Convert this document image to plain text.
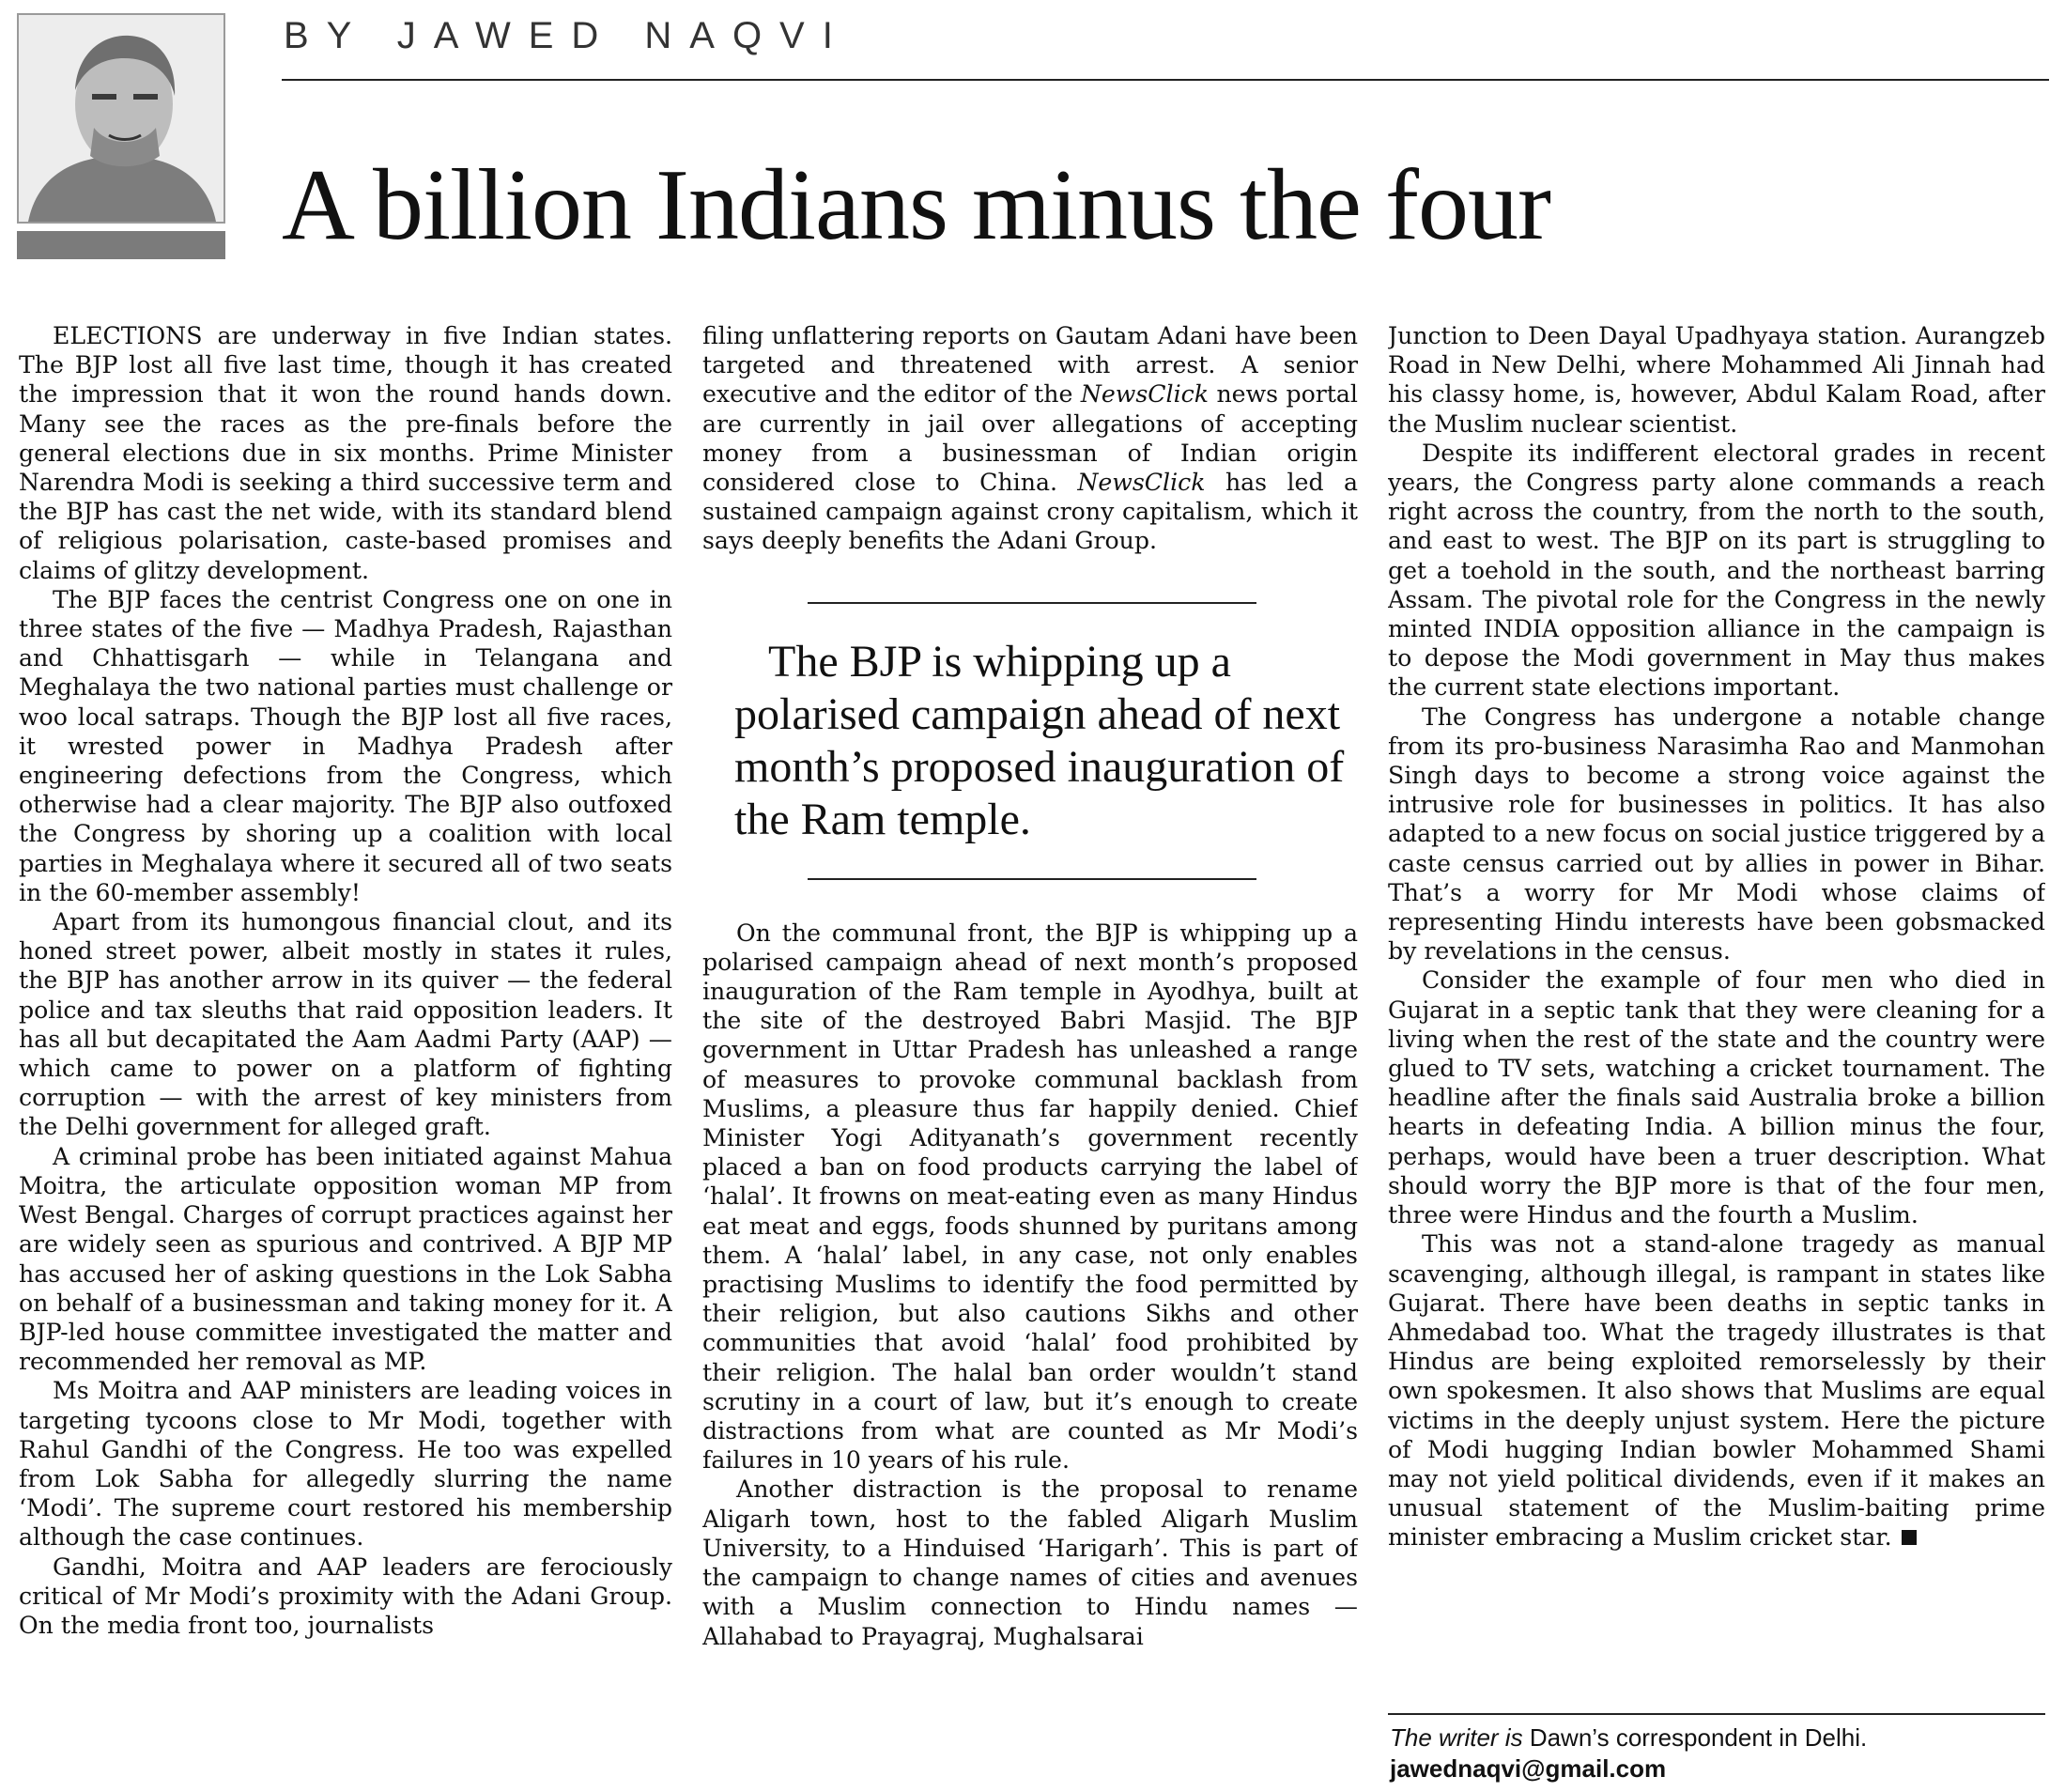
BY JAWED NAQVI
A billion Indians minus the four

ELECTIONS are underway in five Indian states. The BJP lost all five last time, though it has created the impression that it won the round hands down. Many see the races as the pre-finals before the general elections due in six months. Prime Minister Narendra Modi is seeking a third successive term and the BJP has cast the net wide, with its standard blend of religious polarisation, caste-based promises and claims of glitzy development.

The BJP faces the centrist Congress one on one in three states of the five — Madhya Pradesh, Rajasthan and Chhattisgarh — while in Telangana and Meghalaya the two national parties must challenge or woo local satraps. Though the BJP lost all five races, it wrested power in Madhya Pradesh after engineering defections from the Congress, which otherwise had a clear majority. The BJP also outfoxed the Congress by shoring up a coalition with local parties in Meghalaya where it secured all of two seats in the 60-member assembly!

Apart from its humongous financial clout, and its honed street power, albeit mostly in states it rules, the BJP has another arrow in its quiver — the federal police and tax sleuths that raid opposition leaders. It has all but decapitated the Aam Aadmi Party (AAP) — which came to power on a platform of fighting corruption — with the arrest of key ministers from the Delhi government for alleged graft.

A criminal probe has been initiated against Mahua Moitra, the articulate opposition woman MP from West Bengal. Charges of corrupt practices against her are widely seen as spurious and contrived. A BJP MP has accused her of asking questions in the Lok Sabha on behalf of a businessman and taking money for it. A BJP-led house committee investigated the matter and recommended her removal as MP.

Ms Moitra and AAP ministers are leading voices in targeting tycoons close to Mr Modi, together with Rahul Gandhi of the Congress. He too was expelled from Lok Sabha for allegedly slurring the name ‘Modi’. The supreme court restored his membership although the case continues.

Gandhi, Moitra and AAP leaders are ferociously critical of Mr Modi’s proximity with the Adani Group. On the media front too, journalists

filing unflattering reports on Gautam Adani have been targeted and threatened with arrest. A senior executive and the editor of the NewsClick news portal are currently in jail over allegations of accepting money from a businessman of Indian origin considered close to China. NewsClick has led a sustained campaign against crony capitalism, which it says deeply benefits the Adani Group.

The BJP is whipping up a polarised campaign ahead of next month’s proposed inauguration of the Ram temple.

On the communal front, the BJP is whipping up a polarised campaign ahead of next month’s proposed inauguration of the Ram temple in Ayodhya, built at the site of the destroyed Babri Masjid. The BJP government in Uttar Pradesh has unleashed a range of measures to provoke communal backlash from Muslims, a pleasure thus far happily denied. Chief Minister Yogi Adityanath’s government recently placed a ban on food products carrying the label of ‘halal’. It frowns on meat-eating even as many Hindus eat meat and eggs, foods shunned by puritans among them. A ‘halal’ label, in any case, not only enables practising Muslims to identify the food permitted by their religion, but also cautions Sikhs and other communities that avoid ‘halal’ food prohibited by their religion. The halal ban order wouldn’t stand scrutiny in a court of law, but it’s enough to create distractions from what are counted as Mr Modi’s failures in 10 years of his rule.

Another distraction is the proposal to rename Aligarh town, host to the fabled Aligarh Muslim University, to a Hinduised ‘Harigarh’. This is part of the campaign to change names of cities and avenues with a Muslim connection to Hindu names — Allahabad to Prayagraj, Mughalsarai

Junction to Deen Dayal Upadhyaya station. Aurangzeb Road in New Delhi, where Mohammed Ali Jinnah had his classy home, is, however, Abdul Kalam Road, after the Muslim nuclear scientist.

Despite its indifferent electoral grades in recent years, the Congress party alone commands a reach right across the country, from the north to the south, and east to west. The BJP on its part is struggling to get a toehold in the south, and the northeast barring Assam. The pivotal role for the Congress in the newly minted INDIA opposition alliance in the campaign is to depose the Modi government in May thus makes the current state elections important.

The Congress has undergone a notable change from its pro-business Narasimha Rao and Manmohan Singh days to become a strong voice against the intrusive role for businesses in politics. It has also adapted to a new focus on social justice triggered by a caste census carried out by allies in power in Bihar. That’s a worry for Mr Modi whose claims of representing Hindu interests have been gobsmacked by revelations in the census.

Consider the example of four men who died in Gujarat in a septic tank that they were cleaning for a living when the rest of the state and the country were glued to TV sets, watching a cricket tournament. The headline after the finals said Australia broke a billion hearts in defeating India. A billion minus the four, perhaps, would have been a truer description. What should worry the BJP more is that of the four men, three were Hindus and the fourth a Muslim.

This was not a stand-alone tragedy as manual scavenging, although illegal, is rampant in states like Gujarat. There have been deaths in septic tanks in Ahmedabad too. What the tragedy illustrates is that Hindus are being exploited remorselessly by their own spokesmen. It also shows that Muslims are equal victims in the deeply unjust system. Here the picture of Modi hugging Indian bowler Mohammed Shami may not yield political dividends, even if it makes an unusual statement of the Muslim-baiting prime minister embracing a Muslim cricket star.

The writer is Dawn’s correspondent in Delhi.
jawednaqvi@gmail.com
